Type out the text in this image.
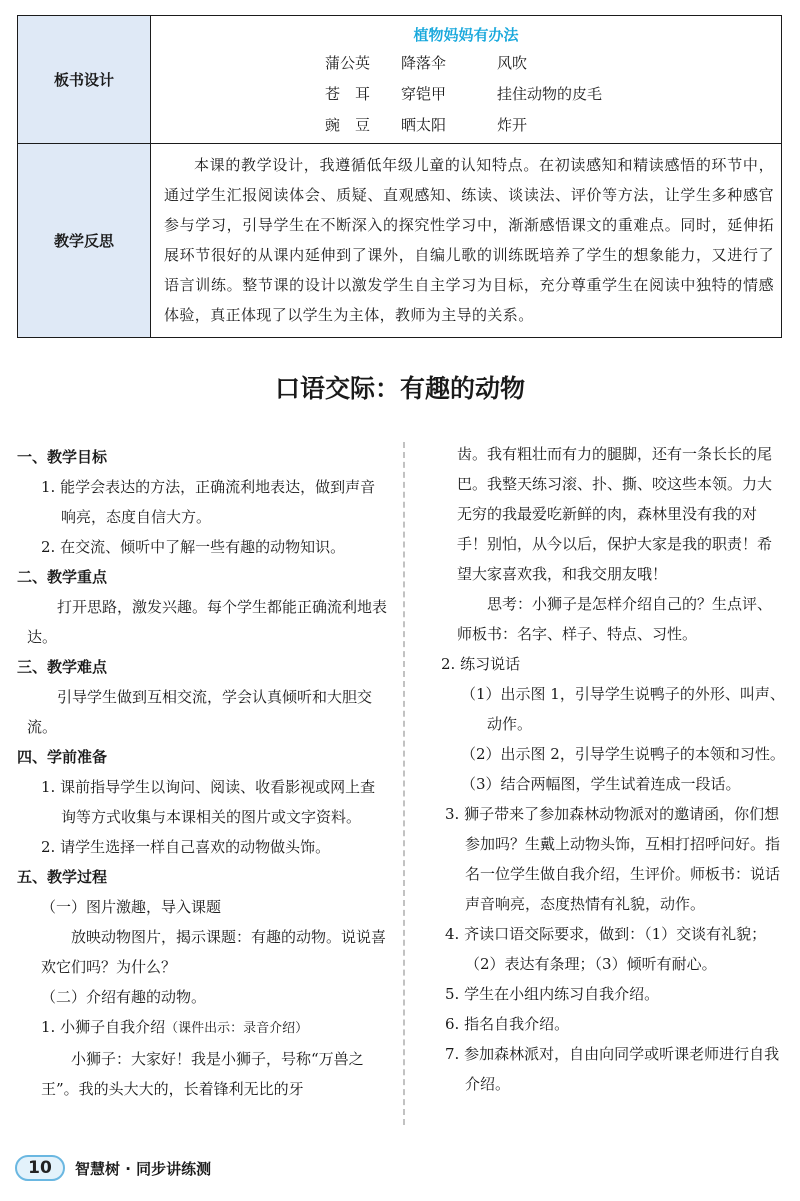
板书设计
植物妈妈有办法
蒲公英 降落伞	风吹
苍　耳 穿铠甲	挂住动物的皮毛
豌　豆 晒太阳	炸开
教学反思
本课的教学设计，我遵循低年级儿童的认知特点。在初读感知和精读感悟的环节中，通过学生汇报阅读体会、质疑、直观感知、练读、谈读法、评价等方法，让学生多种感官参与学习，引导学生在不断深入的探究性学习中，渐渐感悟课文的重难点。同时，延伸拓展环节很好的从课内延伸到了课外，自编儿歌的训练既培养了学生的想象能力，又进行了语言训练。整节课的设计以激发学生自主学习为目标，充分尊重学生在阅读中独特的情感体验，真正体现了以学生为主体，教师为主导的关系。
口语交际：有趣的动物
一、教学目标
1. 能学会表达的方法，正确流利地表达，做到声音响亮，态度自信大方。
2. 在交流、倾听中了解一些有趣的动物知识。
二、教学重点
打开思路，激发兴趣。每个学生都能正确流利地表达。
三、教学难点
引导学生做到互相交流，学会认真倾听和大胆交流。
四、学前准备
1. 课前指导学生以询问、阅读、收看影视或网上查询等方式收集与本课相关的图片或文字资料。
2. 请学生选择一样自己喜欢的动物做头饰。
五、教学过程
（一）图片激趣，导入课题
放映动物图片，揭示课题：有趣的动物。说说喜欢它们吗？为什么？
（二）介绍有趣的动物。
1. 小狮子自我介绍（课件出示：录音介绍）
小狮子：大家好！我是小狮子，号称“万兽之王”。我的头大大的，长着锋利无比的牙
齿。我有粗壮而有力的腿脚，还有一条长长的尾巴。我整天练习滚、扑、撕、咬这些本领。力大无穷的我最爱吃新鲜的肉，森林里没有我的对手！别怕，从今以后，保护大家是我的职责！希望大家喜欢我，和我交朋友哦！
思考：小狮子是怎样介绍自己的？生点评、师板书：名字、样子、特点、习性。
2. 练习说话
（1）出示图 1，引导学生说鸭子的外形、叫声、动作。
（2）出示图 2，引导学生说鸭子的本领和习性。
（3）结合两幅图，学生试着连成一段话。
3. 狮子带来了参加森林动物派对的邀请函，你们想参加吗？生戴上动物头饰，互相打招呼问好。指名一位学生做自我介绍，生评价。师板书：说话声音响亮，态度热情有礼貌，动作。
4. 齐读口语交际要求，做到：（1）交谈有礼貌；（2）表达有条理；（3）倾听有耐心。
5. 学生在小组内练习自我介绍。
6. 指名自我介绍。
7. 参加森林派对，自由向同学或听课老师进行自我介绍。
10	智慧树 · 同步讲练测
